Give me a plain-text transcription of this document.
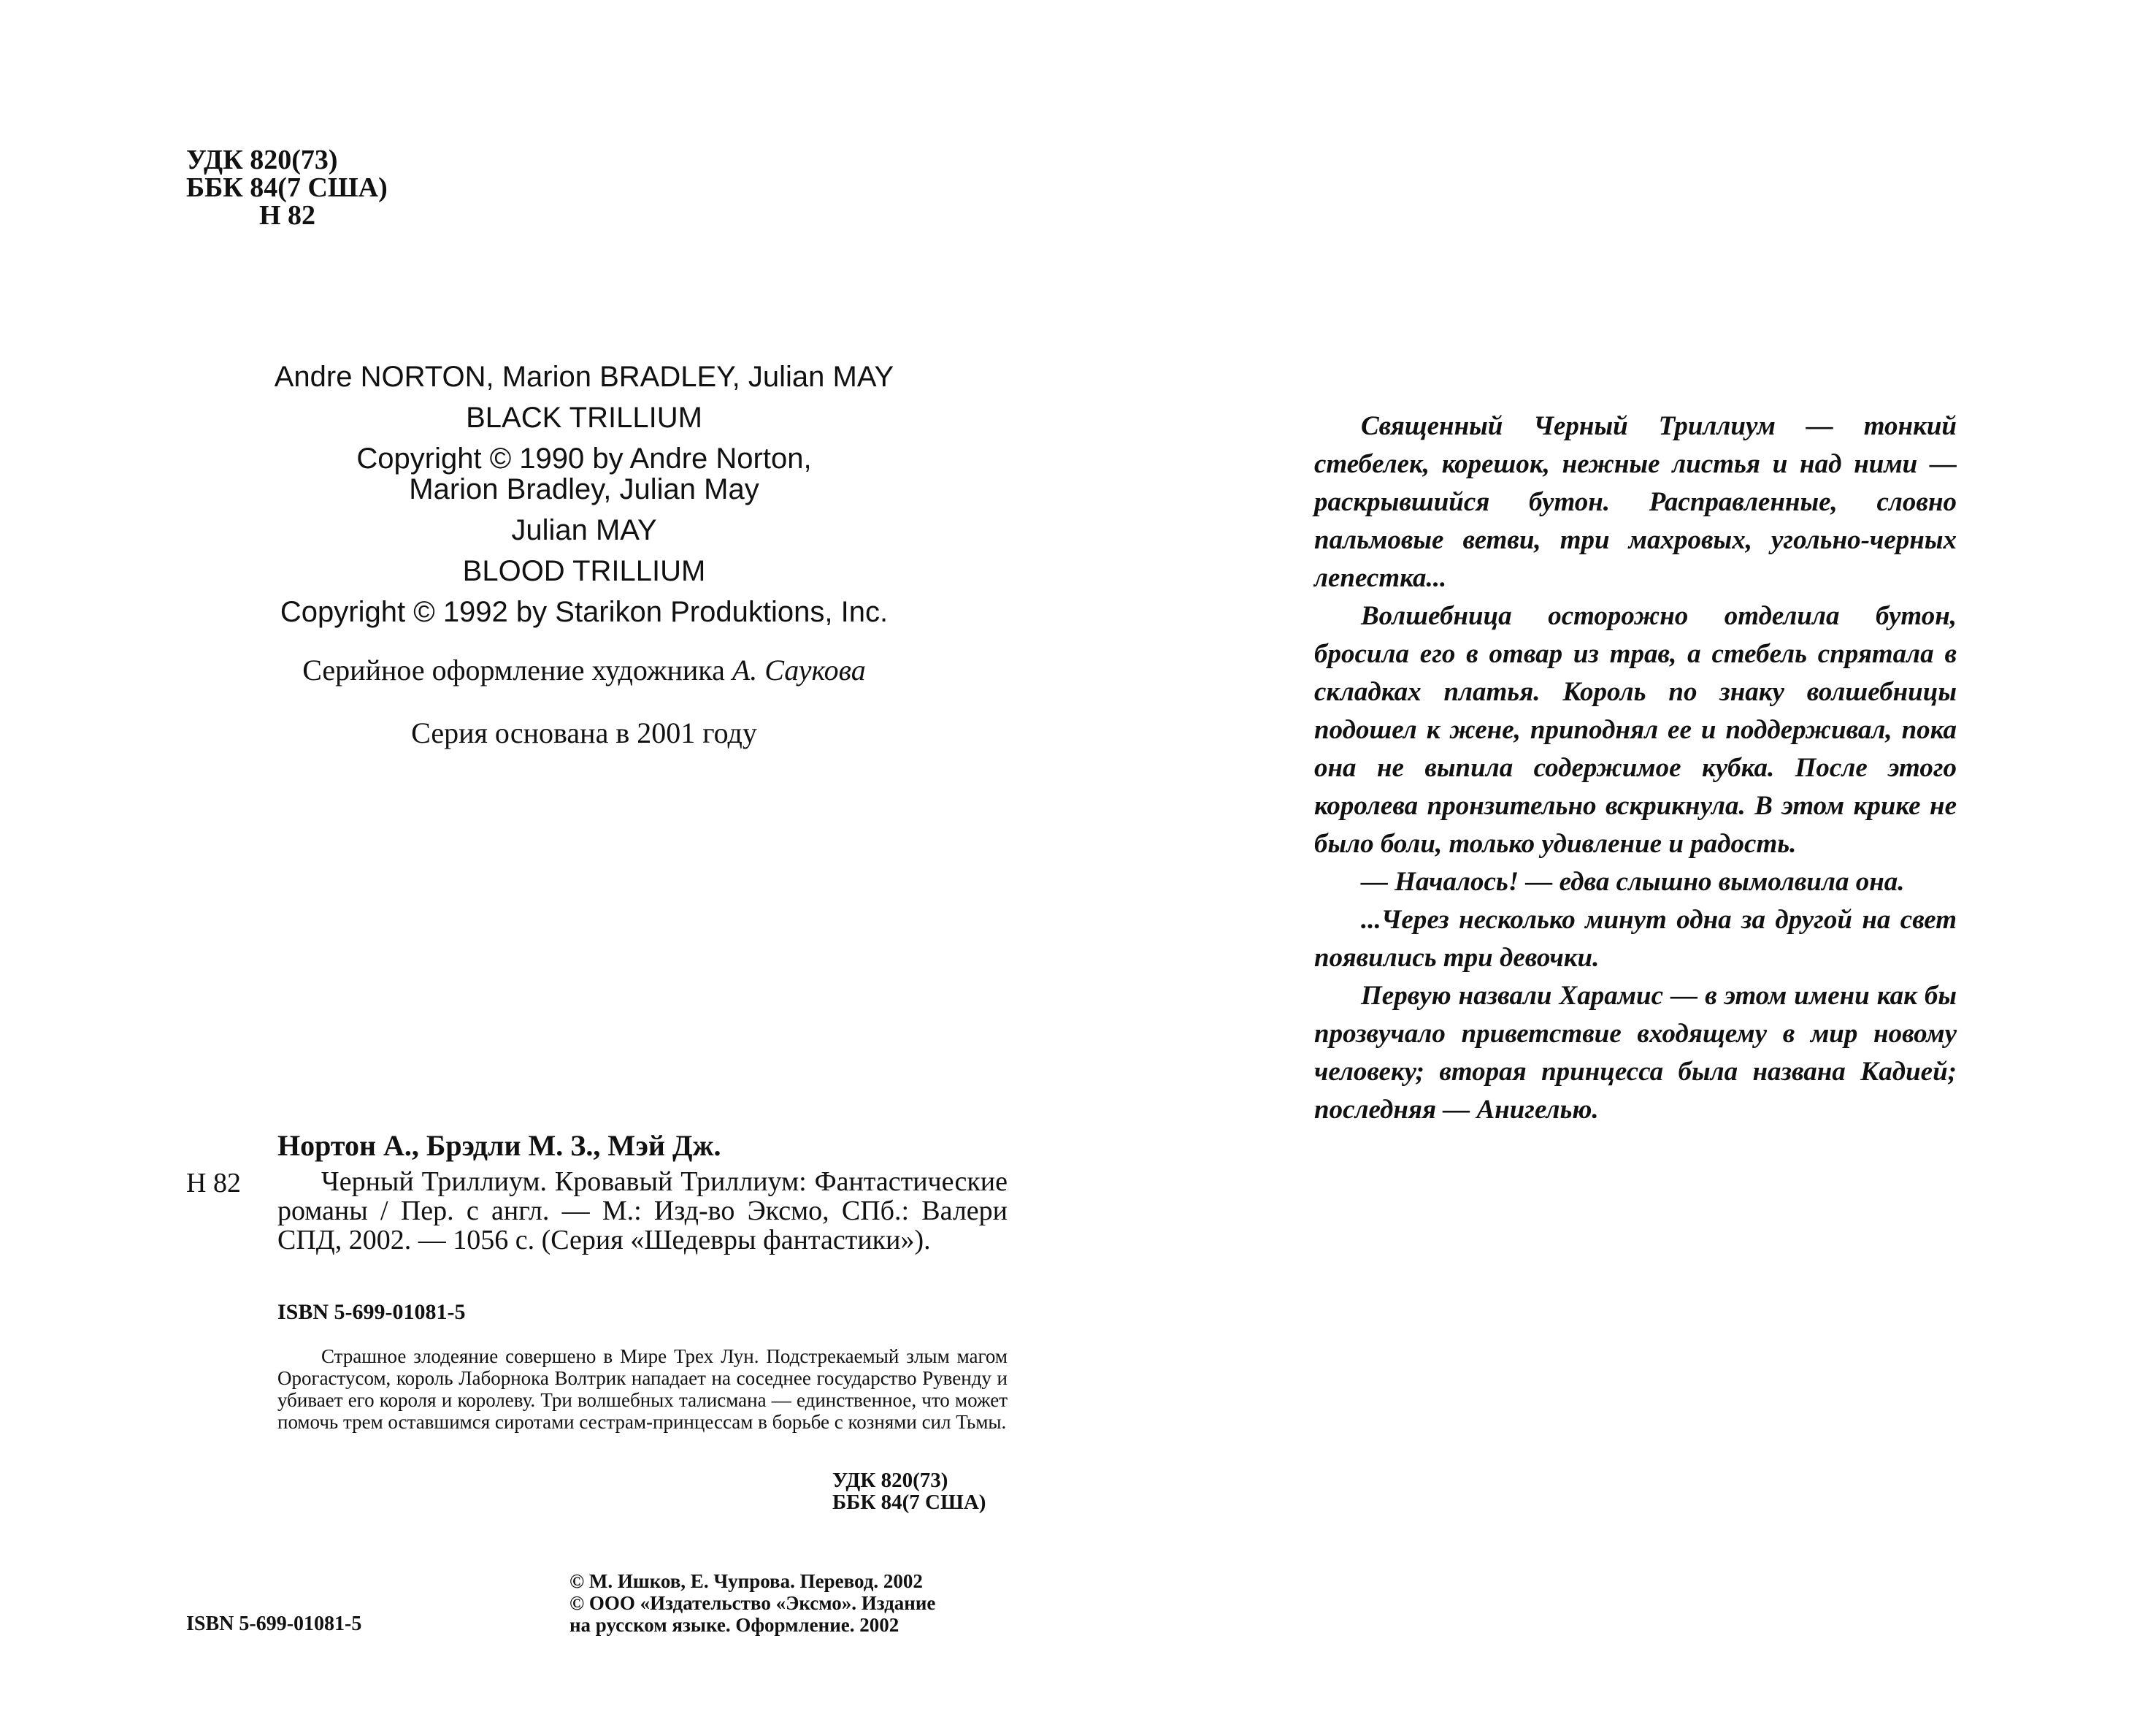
УДК 820(73)
ББК 84(7 США)
Н 82
Andre NORTON, Marion BRADLEY, Julian MAY
BLACK TRILLIUM
Copyright © 1990 by Andre Norton,
Marion Bradley, Julian May
Julian MAY
BLOOD TRILLIUM
Copyright © 1992 by Starikon Produktions, Inc.
Серийное оформление художника А. Саукова
Серия основана в 2001 году

Священный Черный Триллиум — тонкий стебелек, корешок, нежные листья и над ними — раскрывшийся бутон. Расправленные, словно пальмовые ветви, три махровых, угольно-черных лепестка...

Волшебница осторожно отделила бутон, бросила его в отвар из трав, а стебель спрятала в складках платья. Король по знаку волшебницы подошел к жене, приподнял ее и поддерживал, пока она не выпила содержимое кубка. После этого королева пронзительно вскрикнула. В этом крике не было боли, только удивление и радость.

— Началось! — едва слышно вымолвила она.

...Через несколько минут одна за другой на свет появились три девочки.

Первую назвали Харамис — в этом имени как бы прозвучало приветствие входящему в мир новому человеку; вторая принцесса была названа Кадией; последняя — Анигелью.

Нортон А., Брэдли М. З., Мэй Дж.
Н 82	Черный Триллиум. Кровавый Триллиум: Фантастические романы / Пер. с англ. — М.: Изд-во Эксмо, СПб.: Валери СПД, 2002. — 1056 с. (Серия «Шедевры фантастики»).
ISBN 5-699-01081-5
Страшное злодеяние совершено в Мире Трех Лун. Подстрекаемый злым магом Орогастусом, король Лаборнока Волтрик нападает на соседнее государство Рувенду и убивает его короля и королеву. Три волшебных талисмана — единственное, что может помочь трем оставшимся сиротами сестрам-принцессам в борьбе с кознями сил Тьмы.
УДК 820(73)
ББК 84(7 США)
© М. Ишков, Е. Чупрова. Перевод. 2002
© ООО «Издательство «Эксмо». Издание
на русском языке. Оформление. 2002
ISBN 5-699-01081-5
